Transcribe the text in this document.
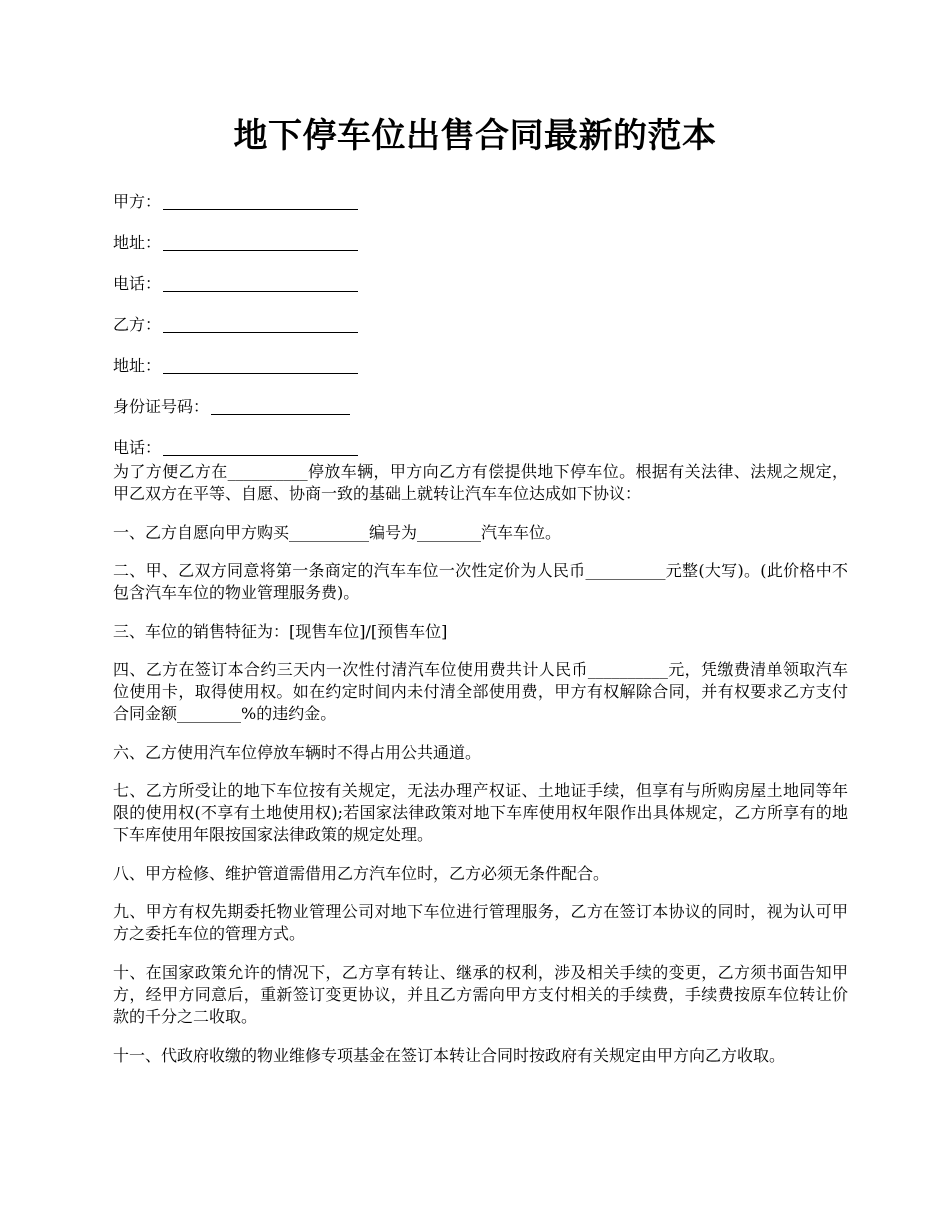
地下停车位出售合同最新的范本
甲方：
地址：
电话：
乙方：
地址：
身份证号码：
电话：

为了方便乙方在__________停放车辆，甲方向乙方有偿提供地下停车位。根据有关法律、法规之规定，甲乙双方在平等、自愿、协商一致的基础上就转让汽车车位达成如下协议：

一、乙方自愿向甲方购买__________编号为________汽车车位。

二、甲、乙双方同意将第一条商定的汽车车位一次性定价为人民币__________元整(大写)。(此价格中不包含汽车车位的物业管理服务费)。

三、车位的销售特征为：[现售车位]/[预售车位]

四、乙方在签订本合约三天内一次性付清汽车位使用费共计人民币__________元，凭缴费清单领取汽车位使用卡，取得使用权。如在约定时间内未付清全部使用费，甲方有权解除合同，并有权要求乙方支付合同金额________%的违约金。

六、乙方使用汽车位停放车辆时不得占用公共通道。

七、乙方所受让的地下车位按有关规定，无法办理产权证、土地证手续，但享有与所购房屋土地同等年限的使用权(不享有土地使用权);若国家法律政策对地下车库使用权年限作出具体规定，乙方所享有的地下车库使用年限按国家法律政策的规定处理。

八、甲方检修、维护管道需借用乙方汽车位时，乙方必须无条件配合。

九、甲方有权先期委托物业管理公司对地下车位进行管理服务，乙方在签订本协议的同时，视为认可甲方之委托车位的管理方式。

十、在国家政策允许的情况下，乙方享有转让、继承的权利，涉及相关手续的变更，乙方须书面告知甲方，经甲方同意后，重新签订变更协议，并且乙方需向甲方支付相关的手续费，手续费按原车位转让价款的千分之二收取。

十一、代政府收缴的物业维修专项基金在签订本转让合同时按政府有关规定由甲方向乙方收取。
